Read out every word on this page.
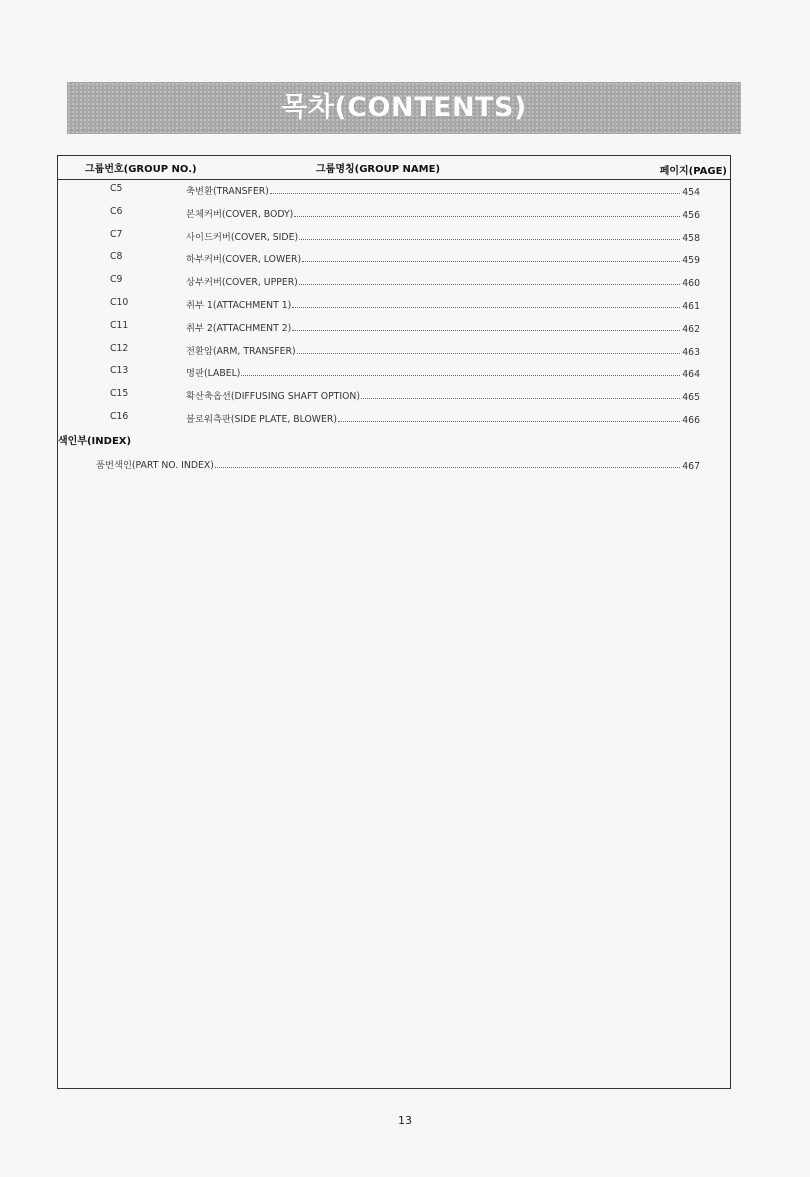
목차(CONTENTS)
그룹번호(GROUP NO.)	그룹명칭(GROUP NAME)	페이지(PAGE)
C5	축변환(TRANSFER)	454
C6	본체커버(COVER, BODY)	456
C7	사이드커버(COVER, SIDE)	458
C8	하부커버(COVER, LOWER)	459
C9	상부커버(COVER, UPPER)	460
C10	취부 1(ATTACHMENT 1)	461
C11	취부 2(ATTACHMENT 2)	462
C12	전환암(ARM, TRANSFER)	463
C13	명판(LABEL)	464
C15	확산축옵션(DIFFUSING SHAFT OPTION)	465
C16	블로워측판(SIDE PLATE, BLOWER)	466
색인부(INDEX)
품번색인(PART NO. INDEX)	467
13
